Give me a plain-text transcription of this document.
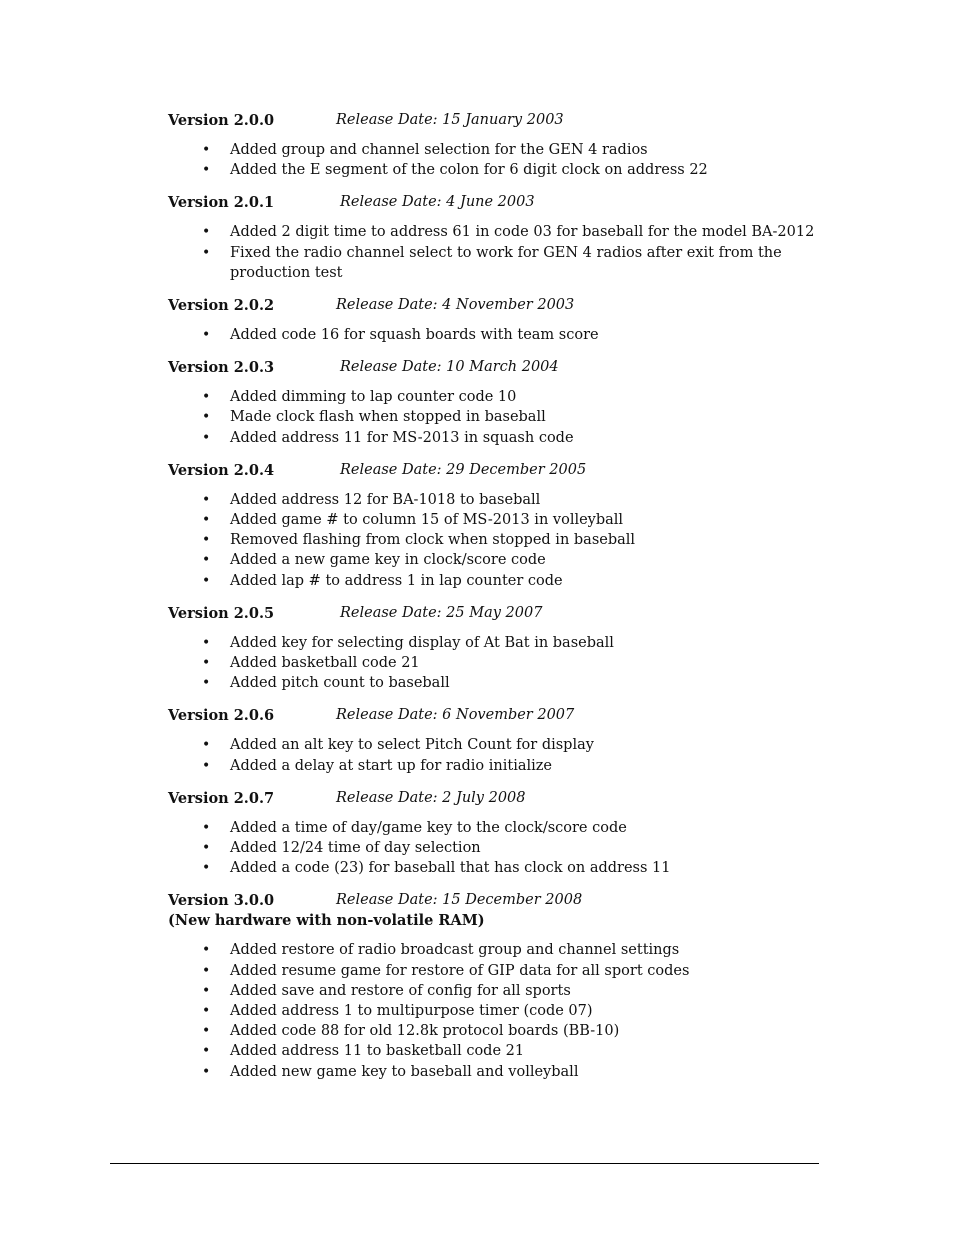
Version 2.0.0	Release Date: 15 January 2003
• Added group and channel selection for the GEN 4 radios
• Added the E segment of the colon for 6 digit clock on address 22
Version 2.0.1	Release Date: 4 June 2003
• Added 2 digit time to address 61 in code 03 for baseball for the model BA-2012
• Fixed the radio channel select to work for GEN 4 radios after exit from the production test
Version 2.0.2	Release Date: 4 November 2003
• Added code 16 for squash boards with team score
Version 2.0.3	Release Date: 10 March 2004
• Added dimming to lap counter code 10
• Made clock flash when stopped in baseball
• Added address 11 for MS-2013 in squash code
Version 2.0.4	Release Date: 29 December 2005
• Added address 12 for BA-1018 to baseball
• Added game # to column 15 of MS-2013 in volleyball
• Removed flashing from clock when stopped in baseball
• Added a new game key in clock/score code
• Added lap # to address 1 in lap counter code
Version 2.0.5	Release Date: 25 May 2007
• Added key for selecting display of At Bat in baseball
• Added basketball code 21
• Added pitch count to baseball
Version 2.0.6	Release Date: 6 November 2007
• Added an alt key to select Pitch Count for display
• Added a delay at start up for radio initialize
Version 2.0.7	Release Date: 2 July 2008
• Added a time of day/game key to the clock/score code
• Added 12/24 time of day selection
• Added a code (23) for baseball that has clock on address 11
Version 3.0.0	Release Date: 15 December 2008
(New hardware with non-volatile RAM)
• Added restore of radio broadcast group and channel settings
• Added resume game for restore of GIP data for all sport codes
• Added save and restore of config for all sports
• Added address 1 to multipurpose timer (code 07)
• Added code 88 for old 12.8k protocol boards (BB-10)
• Added address 11 to basketball code 21
• Added new game key to baseball and volleyball
